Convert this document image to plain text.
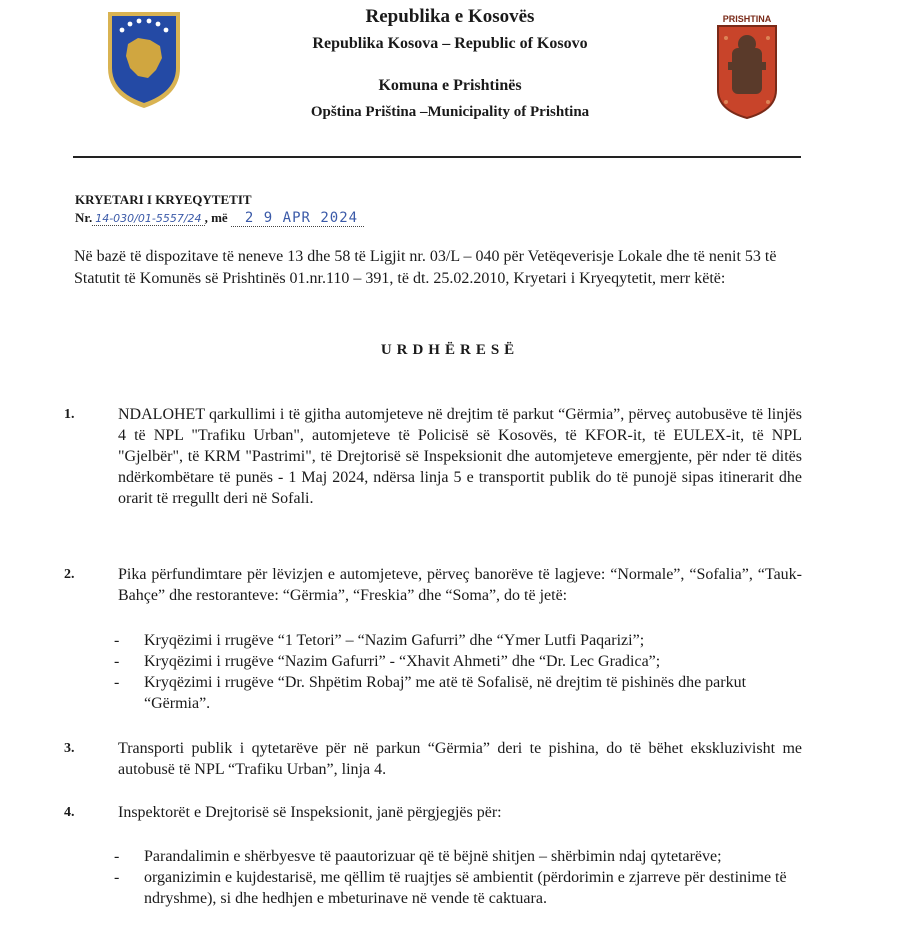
PRISHTINA
Republika e Kosovës
Republika Kosova – Republic of Kosovo
Komuna e Prishtinës
Opština Priština –Municipality of Prishtina
KRYETARI I KRYEQYTETIT
Nr. 14-030/01-5557/24 , më 2 9 APR 2024
Në bazë të dispozitave të neneve 13 dhe 58 të Ligjit nr. 03/L – 040 për Vetëqeverisje Lokale dhe të nenit 53 të Statutit të Komunës së Prishtinës 01.nr.110 – 391, të dt. 25.02.2010, Kryetari i Kryeqytetit, merr këtë:
URDHËRESË
1.	NDALOHET qarkullimi i të gjitha automjeteve në drejtim të parkut “Gërmia”, përveç autobusëve të linjës 4 të NPL "Trafiku Urban", automjeteve të Policisë së Kosovës, të KFOR-it, të EULEX-it, të NPL "Gjelbër", të KRM "Pastrimi", të Drejtorisë së Inspeksionit dhe automjeteve emergjente, për nder të ditës ndërkombëtare të punës - 1 Maj 2024, ndërsa linja 5 e transportit publik do të punojë sipas itinerarit dhe orarit të rregullt deri në Sofali.
2.	Pika përfundimtare për lëvizjen e automjeteve, përveç banorëve të lagjeve: “Normale”, “Sofalia”, “Tauk-Bahçe” dhe restoranteve: “Gërmia”, “Freskia” dhe “Soma”, do të jetë:
- Kryqëzimi i rrugëve “1 Tetori” – “Nazim Gafurri” dhe “Ymer Lutfi Paqarizi”;
- Kryqëzimi i rrugëve “Nazim Gafurri” - “Xhavit Ahmeti” dhe “Dr. Lec Gradica”;
- Kryqëzimi i rrugëve “Dr. Shpëtim Robaj” me atë të Sofalisë, në drejtim të pishinës dhe parkut “Gërmia”.
3.	Transporti publik i qytetarëve për në parkun “Gërmia” deri te pishina, do të bëhet ekskluzivisht me autobusë të NPL “Trafiku Urban”, linja 4.
4.	Inspektorët e Drejtorisë së Inspeksionit, janë përgjegjës për:
- Parandalimin e shërbyesve të paautorizuar që të bëjnë shitjen – shërbimin ndaj qytetarëve;
- organizimin e kujdestarisë, me qëllim të ruajtjes së ambientit (përdorimin e zjarreve për destinime të ndryshme), si dhe hedhjen e mbeturinave në vende të caktuara.
